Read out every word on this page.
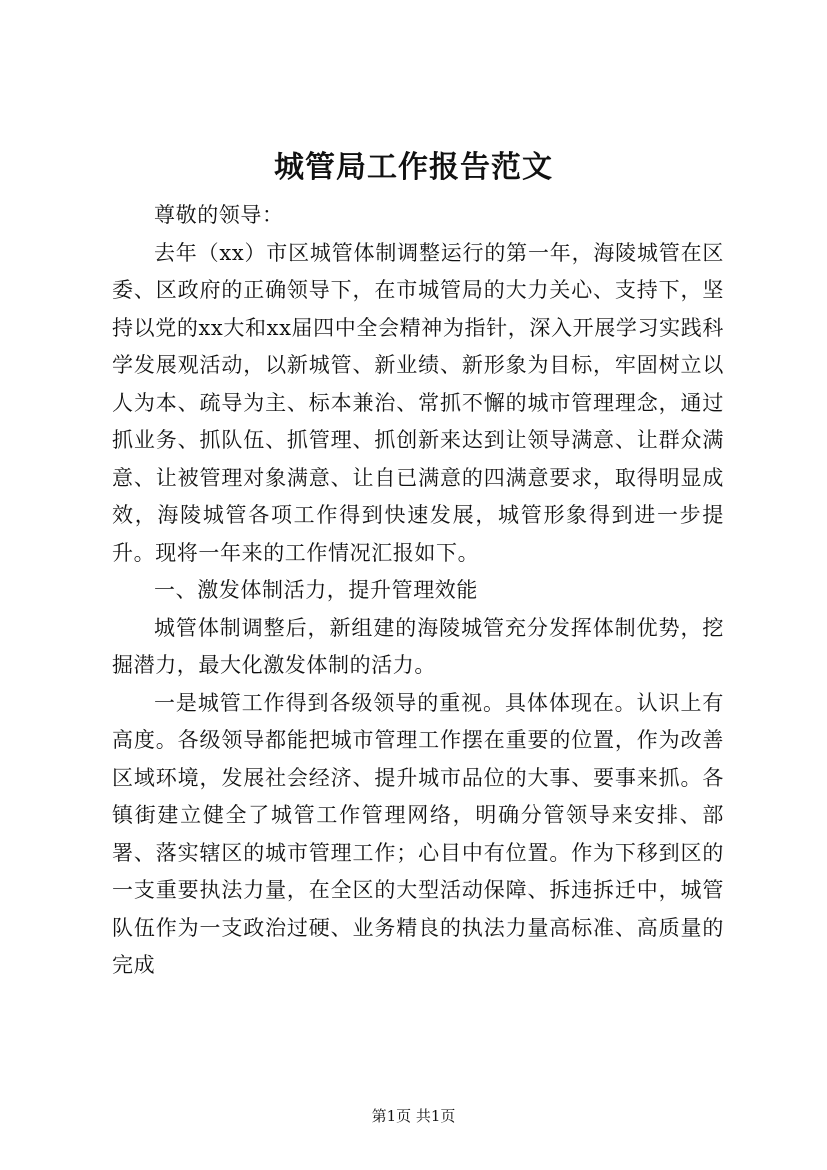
城管局工作报告范文

尊敬的领导：

去年（xx）市区城管体制调整运行的第一年，海陵城管在区委、区政府的正确领导下，在市城管局的大力关心、支持下，坚持以党的xx大和xx届四中全会精神为指针，深入开展学习实践科学发展观活动，以新城管、新业绩、新形象为目标，牢固树立以人为本、疏导为主、标本兼治、常抓不懈的城市管理理念，通过抓业务、抓队伍、抓管理、抓创新来达到让领导满意、让群众满意、让被管理对象满意、让自已满意的四满意要求，取得明显成效，海陵城管各项工作得到快速发展，城管形象得到进一步提升。现将一年来的工作情况汇报如下。

一、激发体制活力，提升管理效能

城管体制调整后，新组建的海陵城管充分发挥体制优势，挖掘潜力，最大化激发体制的活力。

一是城管工作得到各级领导的重视。具体体现在。认识上有高度。各级领导都能把城市管理工作摆在重要的位置，作为改善区域环境，发展社会经济、提升城市品位的大事、要事来抓。各镇街建立健全了城管工作管理网络，明确分管领导来安排、部署、落实辖区的城市管理工作；心目中有位置。作为下移到区的一支重要执法力量，在全区的大型活动保障、拆违拆迁中，城管队伍作为一支政治过硬、业务精良的执法力量高标准、高质量的完成

第1页 共1页
